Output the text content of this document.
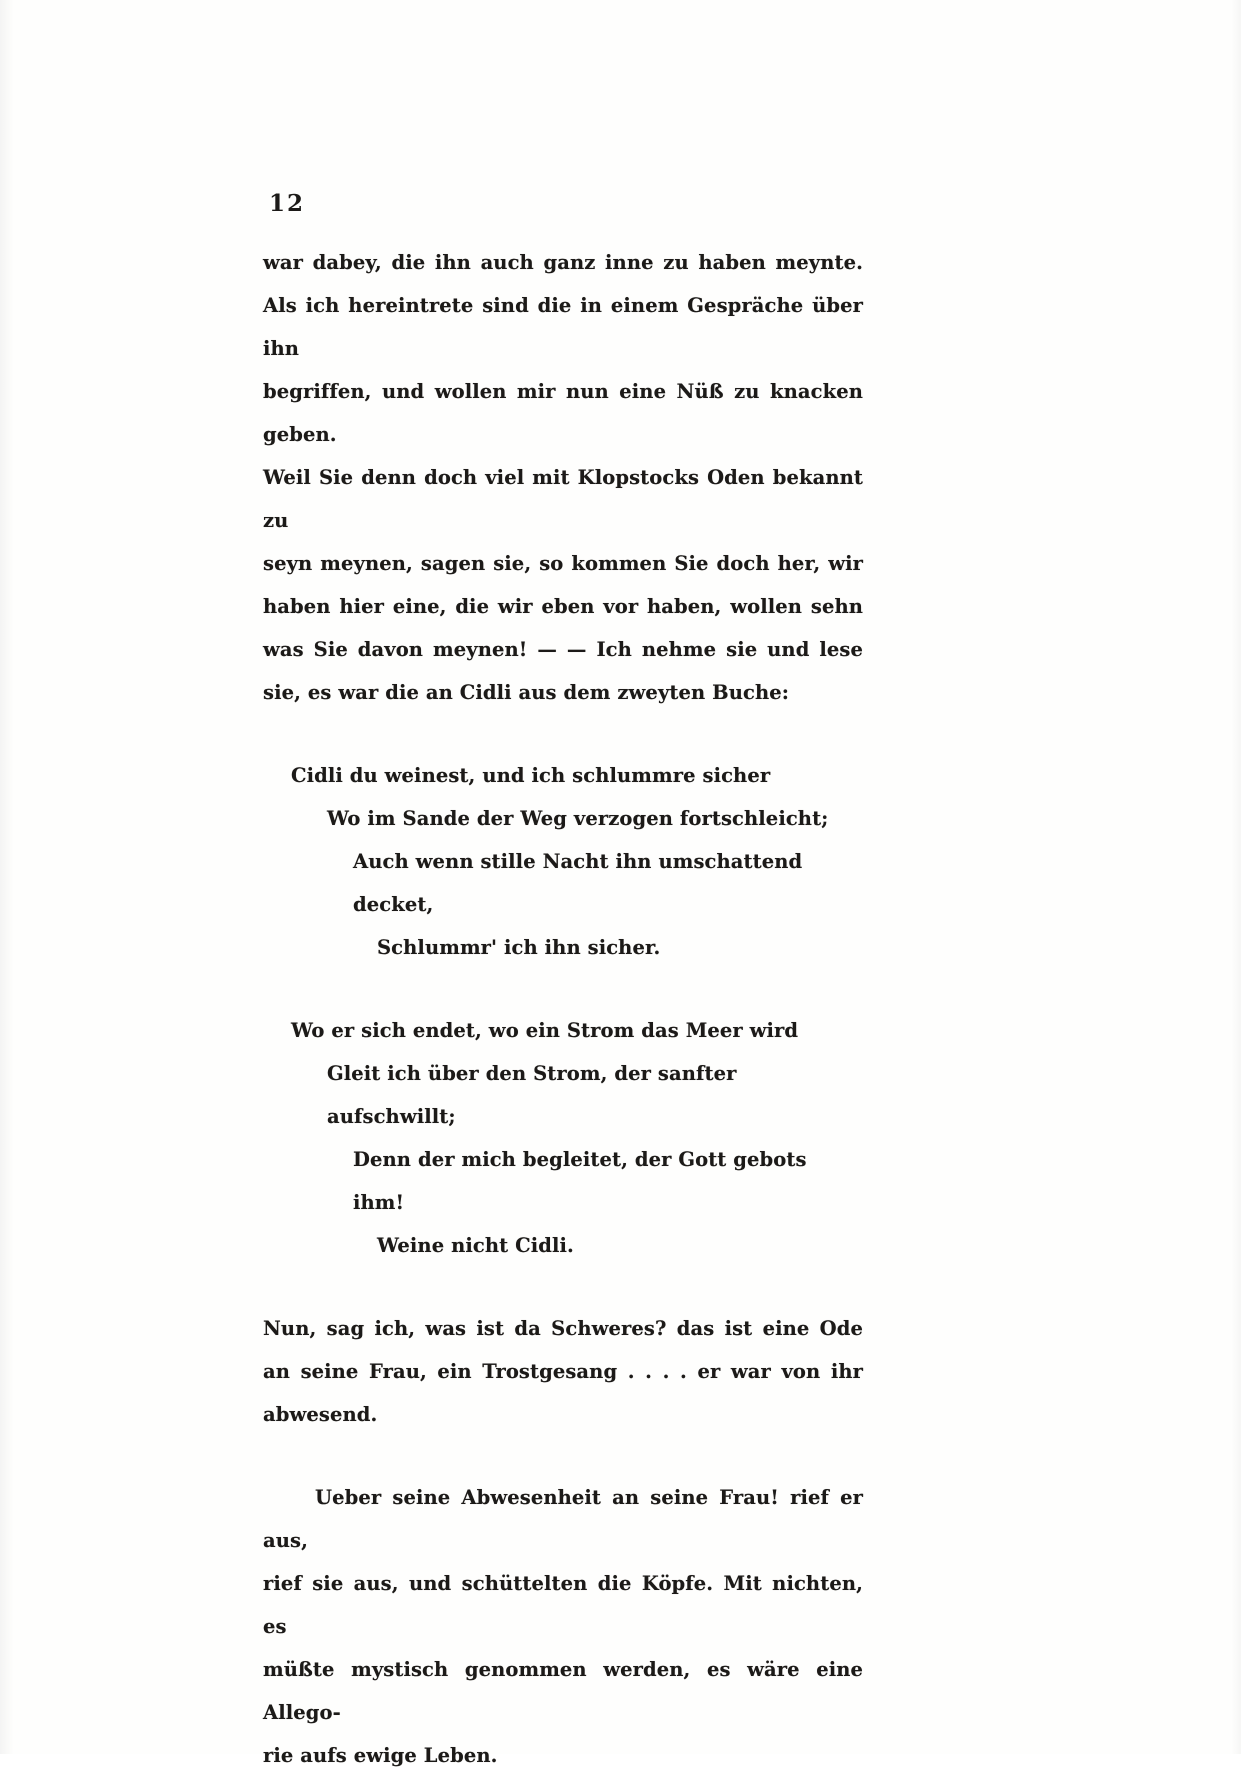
12
war dabey, die ihn auch ganz inne zu haben meynte.
Als ich hereintrete sind die in einem Gespräche über ihn
begriffen, und wollen mir nun eine Nüß zu knacken geben.
Weil Sie denn doch viel mit Klopstocks Oden bekannt zu
seyn meynen, sagen sie, so kommen Sie doch her, wir
haben hier eine, die wir eben vor haben, wollen sehn
was Sie davon meynen! — — Ich nehme sie und lese
sie, es war die an Cidli aus dem zweyten Buche:
Cidli du weinest, und ich schlummre sicher
Wo im Sande der Weg verzogen fortschleicht;
Auch wenn stille Nacht ihn umschattend decket,
Schlummr' ich ihn sicher.
Wo er sich endet, wo ein Strom das Meer wird
Gleit ich über den Strom, der sanfter aufschwillt;
Denn der mich begleitet, der Gott gebots ihm!
Weine nicht Cidli.
Nun, sag ich, was ist da Schweres? das ist eine Ode
an seine Frau, ein Trostgesang . . . . er war von ihr
abwesend.
Ueber seine Abwesenheit an seine Frau! rief er aus,
rief sie aus, und schüttelten die Köpfe. Mit nichten, es
müßte mystisch genommen werden, es wäre eine Allego-
rie aufs ewige Leben.
